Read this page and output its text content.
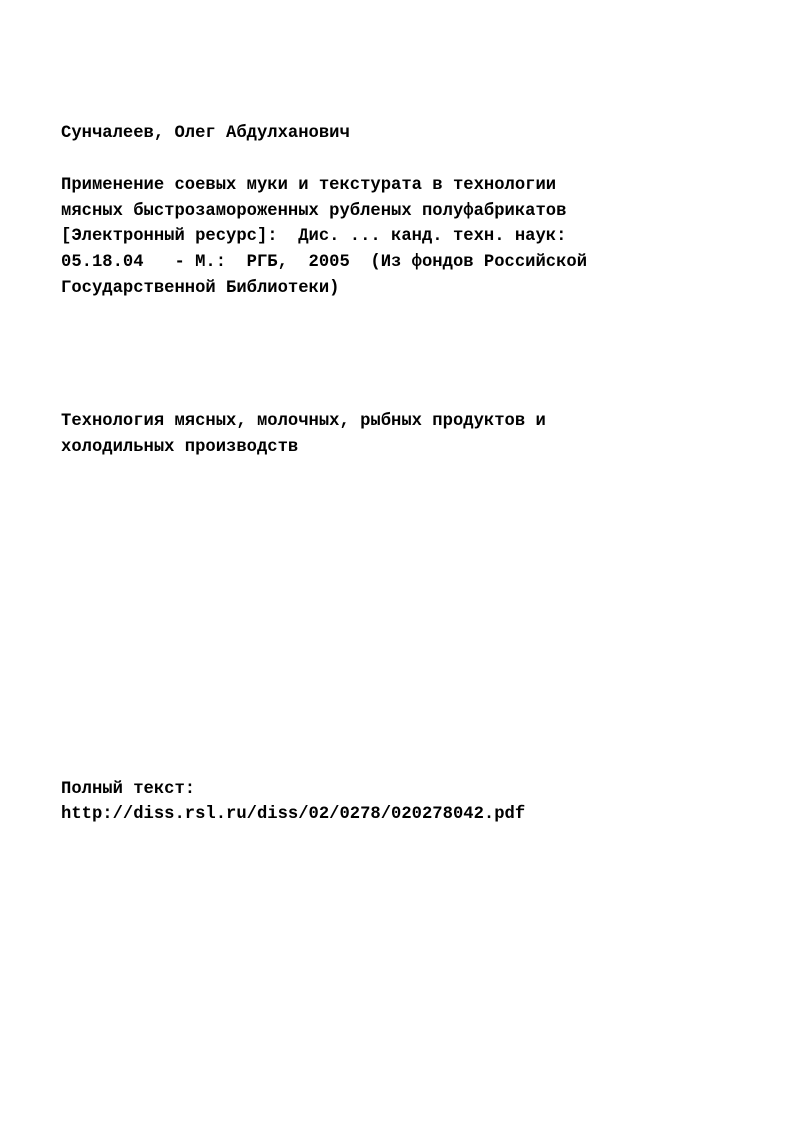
Сунчалеев, Олег Абдулханович

Применение соевых муки и текстурата в технологии

мясных быстрозамороженных рубленых полуфабрикатов

[Электронный ресурс]:  Дис. ... канд. техн. наук:

05.18.04   - М.:  РГБ,  2005  (Из фондов Российской

Государственной Библиотеки)

Технология мясных, молочных, рыбных продуктов и

холодильных производств

Полный текст:

http://diss.rsl.ru/diss/02/0278/020278042.pdf
